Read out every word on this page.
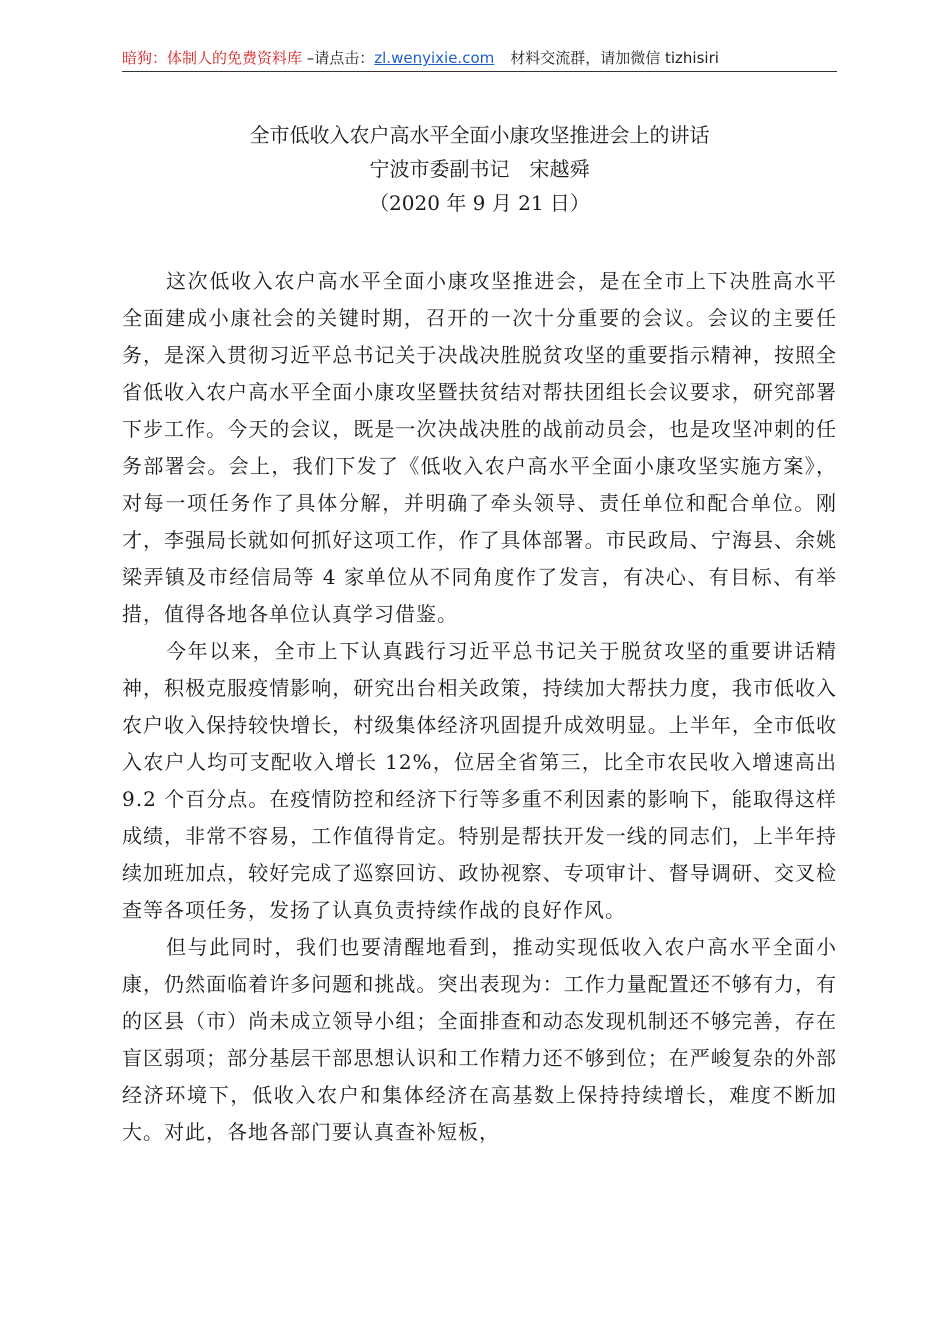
暗狗：体制人的免费资料库 –请点击：zl.wenyixie.com 材料交流群，请加微信 tizhisiri
全市低收入农户高水平全面小康攻坚推进会上的讲话
宁波市委副书记　宋越舜
（2020 年 9 月 21 日）

这次低收入农户高水平全面小康攻坚推进会，是在全市上下决胜高水平全面建成小康社会的关键时期，召开的一次十分重要的会议。会议的主要任务，是深入贯彻习近平总书记关于决战决胜脱贫攻坚的重要指示精神，按照全省低收入农户高水平全面小康攻坚暨扶贫结对帮扶团组长会议要求，研究部署下步工作。今天的会议，既是一次决战决胜的战前动员会，也是攻坚冲刺的任务部署会。会上，我们下发了《低收入农户高水平全面小康攻坚实施方案》，对每一项任务作了具体分解，并明确了牵头领导、责任单位和配合单位。刚才，李强局长就如何抓好这项工作，作了具体部署。市民政局、宁海县、余姚梁弄镇及市经信局等 4 家单位从不同角度作了发言，有决心、有目标、有举措，值得各地各单位认真学习借鉴。

今年以来，全市上下认真践行习近平总书记关于脱贫攻坚的重要讲话精神，积极克服疫情影响，研究出台相关政策，持续加大帮扶力度，我市低收入农户收入保持较快增长，村级集体经济巩固提升成效明显。上半年，全市低收入农户人均可支配收入增长 12%，位居全省第三，比全市农民收入增速高出 9.2 个百分点。在疫情防控和经济下行等多重不利因素的影响下，能取得这样成绩，非常不容易，工作值得肯定。特别是帮扶开发一线的同志们，上半年持续加班加点，较好完成了巡察回访、政协视察、专项审计、督导调研、交叉检查等各项任务，发扬了认真负责持续作战的良好作风。

但与此同时，我们也要清醒地看到，推动实现低收入农户高水平全面小康，仍然面临着许多问题和挑战。突出表现为：工作力量配置还不够有力，有的区县（市）尚未成立领导小组；全面排查和动态发现机制还不够完善，存在盲区弱项；部分基层干部思想认识和工作精力还不够到位；在严峻复杂的外部经济环境下，低收入农户和集体经济在高基数上保持持续增长，难度不断加大。对此，各地各部门要认真查补短板，
